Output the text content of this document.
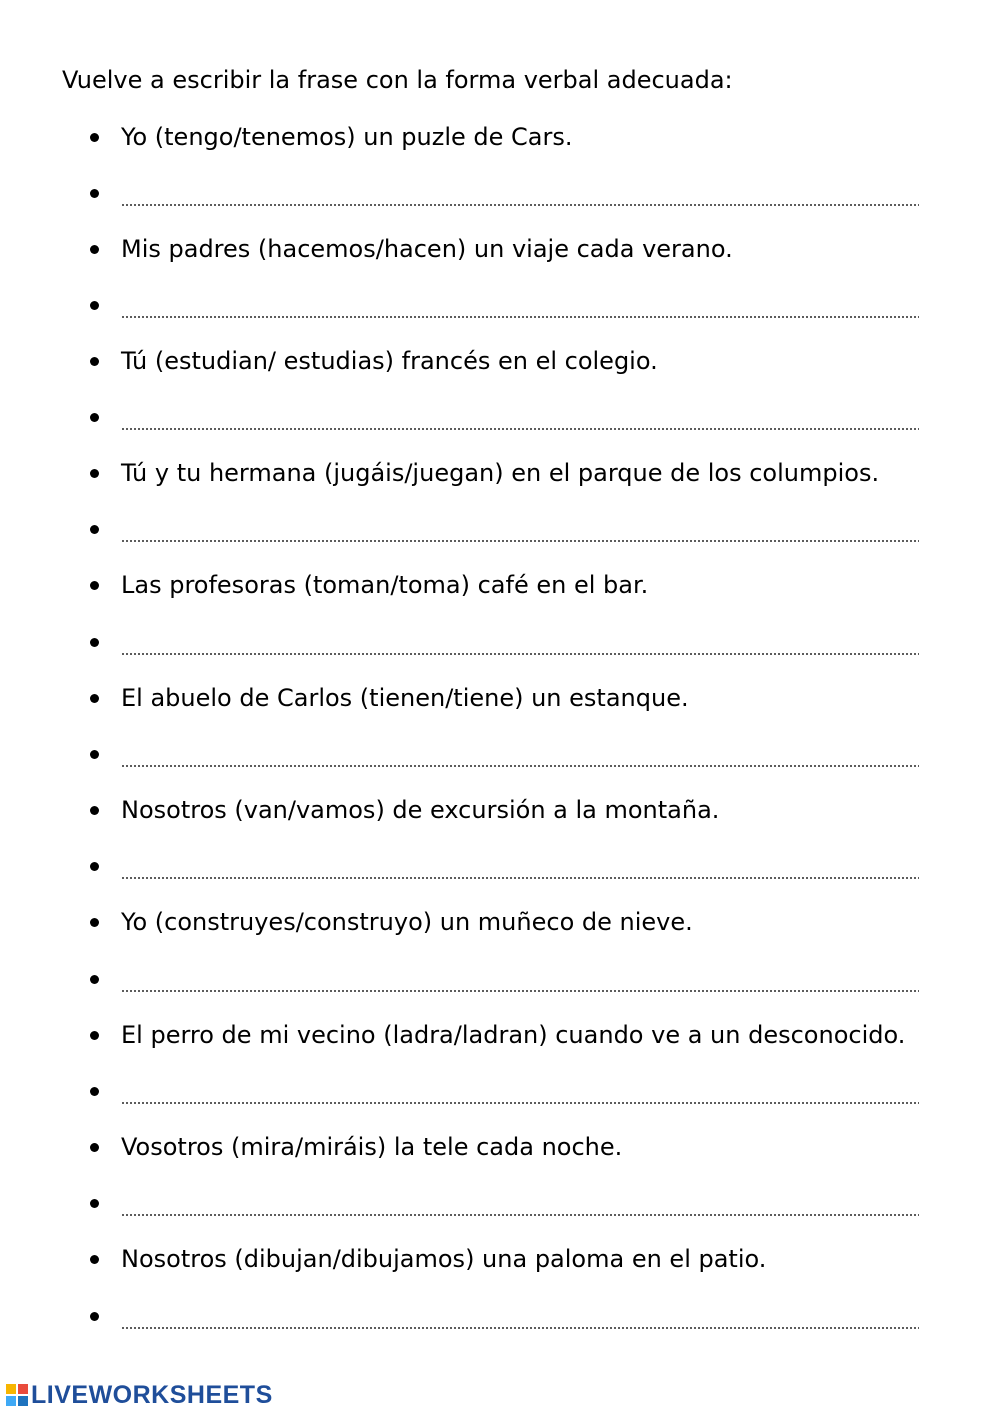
Vuelve a escribir la frase con la forma verbal adecuada:
Yo (tengo/tenemos) un puzle de Cars.
Mis padres (hacemos/hacen) un viaje cada verano.
Tú (estudian/ estudias) francés en el colegio.
Tú y tu hermana (jugáis/juegan) en el parque de los columpios.
Las profesoras (toman/toma) café en el bar.
El abuelo de Carlos (tienen/tiene) un estanque.
Nosotros (van/vamos) de excursión a la montaña.
Yo (construyes/construyo) un muñeco de nieve.
El perro de mi vecino (ladra/ladran) cuando ve a un desconocido.
Vosotros (mira/miráis) la tele cada noche.
Nosotros (dibujan/dibujamos) una paloma en el patio.
LIVEWORKSHEETS
